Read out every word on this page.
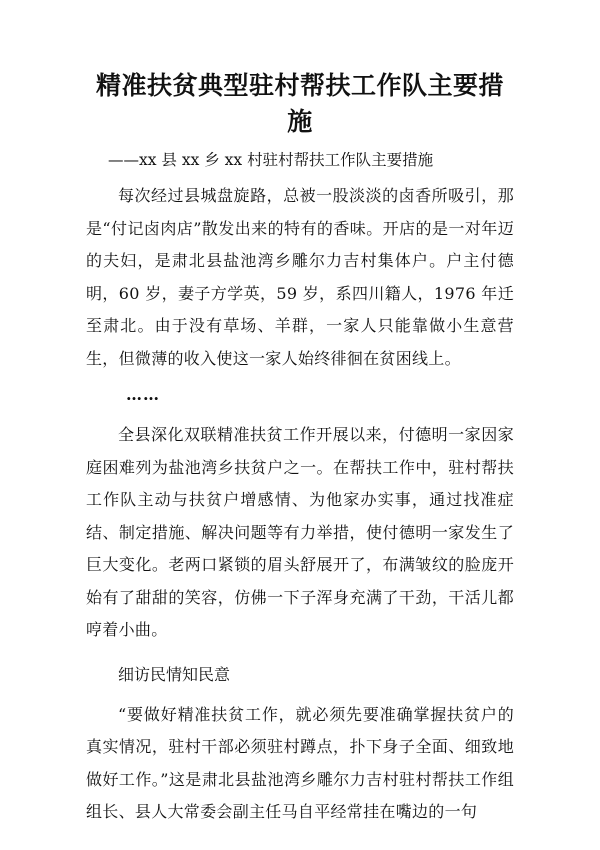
精准扶贫典型驻村帮扶工作队主要措施

——xx 县 xx 乡 xx 村驻村帮扶工作队主要措施

每次经过县城盘旋路，总被一股淡淡的卤香所吸引，那是“付记卤肉店”散发出来的特有的香味。开店的是一对年迈的夫妇，是肃北县盐池湾乡雕尔力吉村集体户。户主付德明，60 岁，妻子方学英，59 岁，系四川籍人，1976 年迁至肃北。由于没有草场、羊群，一家人只能靠做小生意营生，但微薄的收入使这一家人始终徘徊在贫困线上。

……

全县深化双联精准扶贫工作开展以来，付德明一家因家庭困难列为盐池湾乡扶贫户之一。在帮扶工作中，驻村帮扶工作队主动与扶贫户增感情、为他家办实事，通过找准症结、制定措施、解决问题等有力举措，使付德明一家发生了巨大变化。老两口紧锁的眉头舒展开了，布满皱纹的脸庞开始有了甜甜的笑容，仿佛一下子浑身充满了干劲，干活儿都哼着小曲。

细访民情知民意

“要做好精准扶贫工作，就必须先要准确掌握扶贫户的真实情况，驻村干部必须驻村蹲点，扑下身子全面、细致地做好工作。”这是肃北县盐池湾乡雕尔力吉村驻村帮扶工作组组长、县人大常委会副主任马自平经常挂在嘴边的一句
